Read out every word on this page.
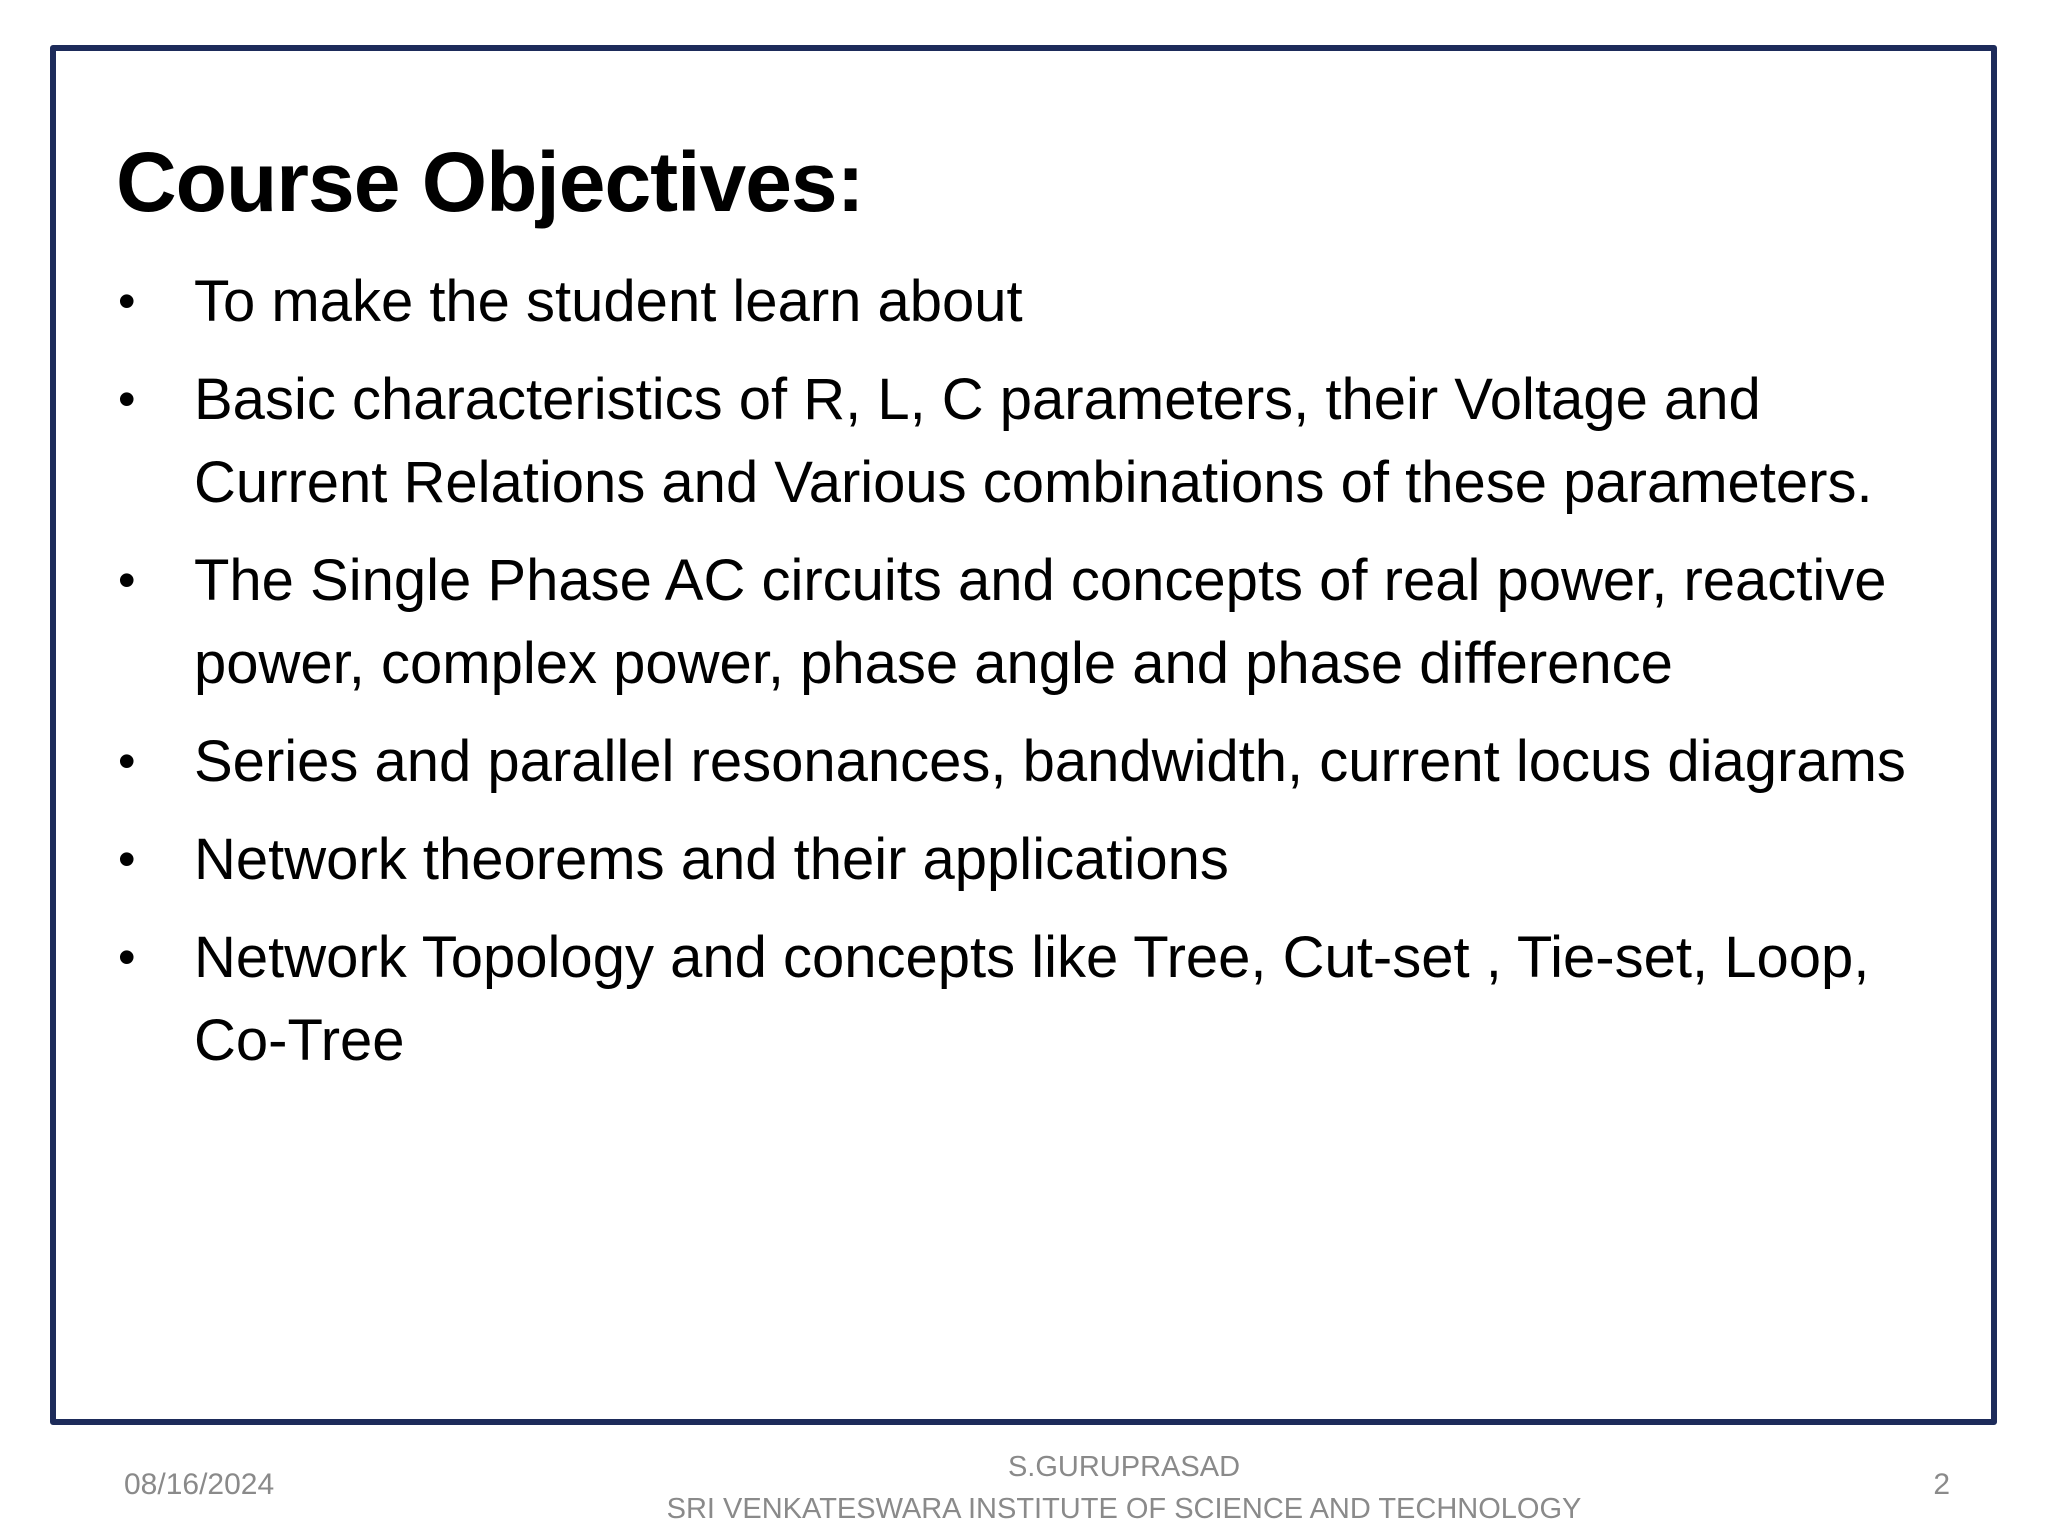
Course Objectives:
• To make the student learn about
• Basic characteristics of R, L, C parameters, their Voltage and Current Relations and Various combinations of these parameters.
• The Single Phase AC circuits and concepts of real power, reactive power, complex power, phase angle and phase difference
• Series and parallel resonances, bandwidth, current locus diagrams
• Network theorems and their applications
• Network Topology and concepts like Tree, Cut-set , Tie-set, Loop, Co-Tree
08/16/2024
S.GURUPRASAD
SRI VENKATESWARA INSTITUTE OF SCIENCE AND TECHNOLOGY
2
